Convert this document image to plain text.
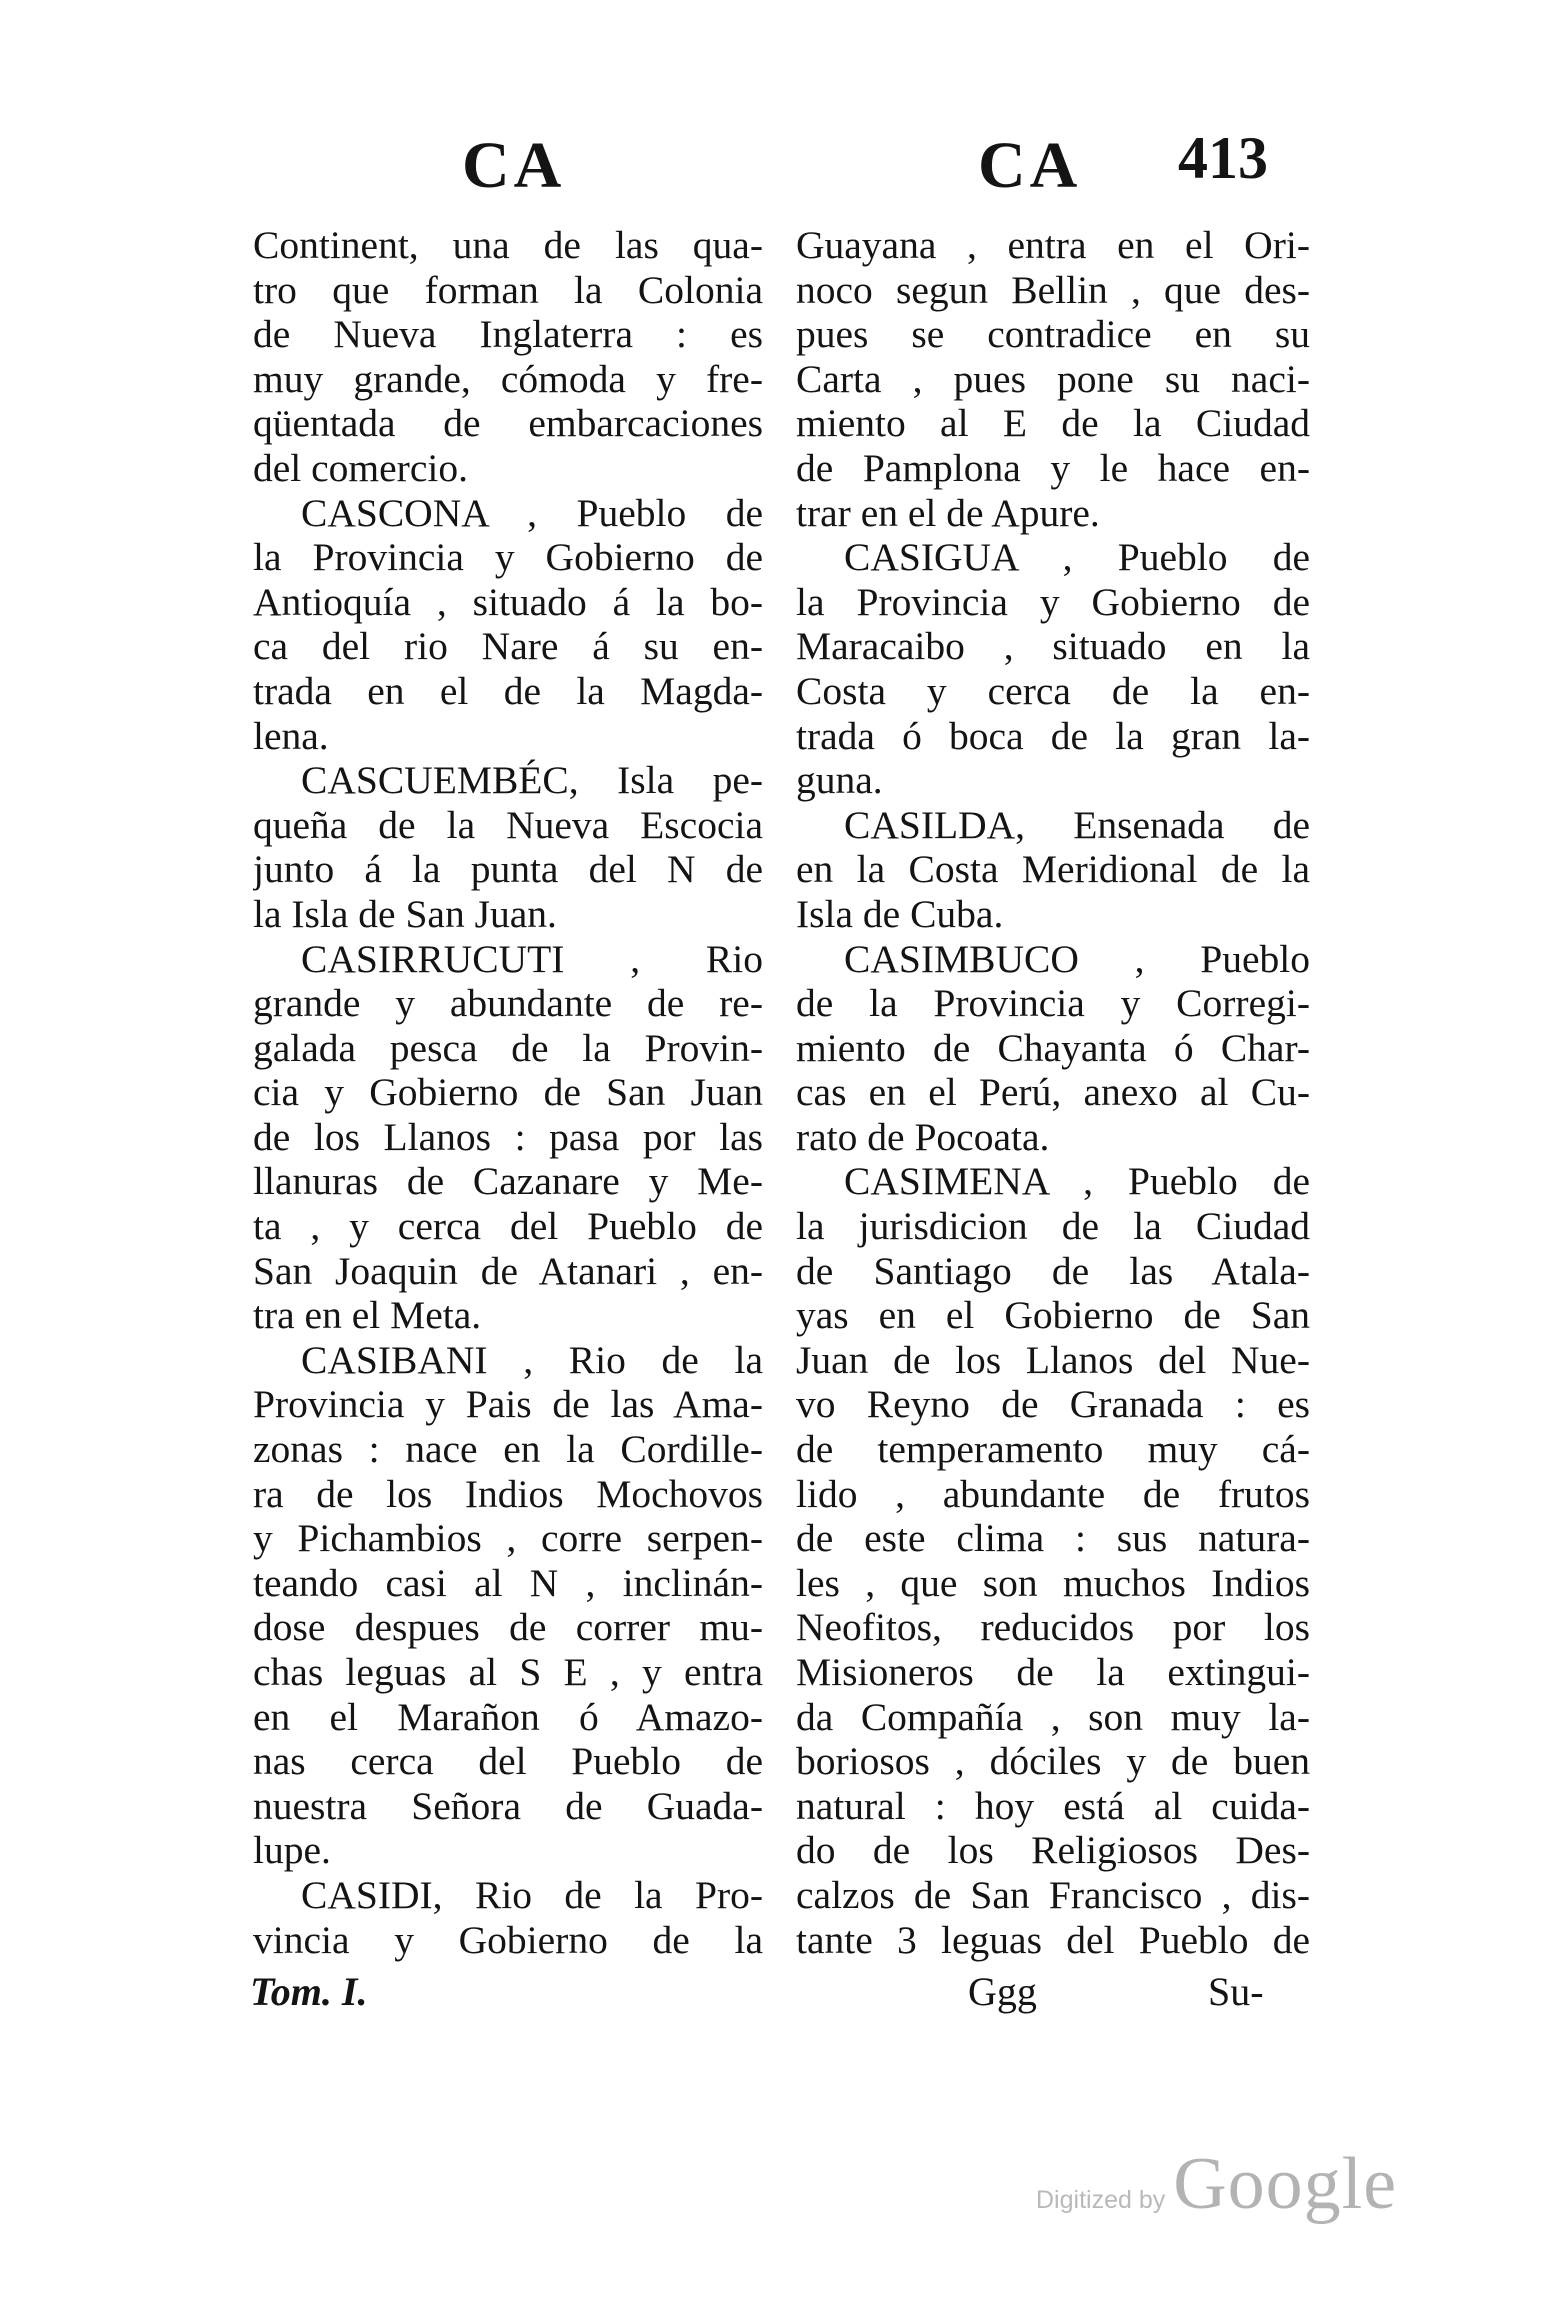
CA	CA 413
Continent, una de las qua-
tro que forman la Colonia
de Nueva Inglaterra : es
muy grande, cómoda y fre-
qüentada de embarcaciones
del comercio.
CASCONA , Pueblo de
la Provincia y Gobierno de
Antioquía , situado á la bo-
ca del rio Nare á su en-
trada en el de la Magda-
lena.
CASCUEMBÉC, Isla pe-
queña de la Nueva Escocia
junto á la punta del N de
la Isla de San Juan.
CASIRRUCUTI , Rio
grande y abundante de re-
galada pesca de la Provin-
cia y Gobierno de San Juan
de los Llanos : pasa por las
llanuras de Cazanare y Me-
ta , y cerca del Pueblo de
San Joaquin de Atanari , en-
tra en el Meta.
CASIBANI , Rio de la
Provincia y Pais de las Ama-
zonas : nace en la Cordille-
ra de los Indios Mochovos
y Pichambios , corre serpen-
teando casi al N , inclinán-
dose despues de correr mu-
chas leguas al S E , y entra
en el Marañon ó Amazo-
nas cerca del Pueblo de
nuestra Señora de Guada-
lupe.
CASIDI, Rio de la Pro-
vincia y Gobierno de la
Guayana , entra en el Ori-
noco segun Bellin , que des-
pues se contradice en su
Carta , pues pone su naci-
miento al E de la Ciudad
de Pamplona y le hace en-
trar en el de Apure.
CASIGUA , Pueblo de
la Provincia y Gobierno de
Maracaibo , situado en la
Costa y cerca de la en-
trada ó boca de la gran la-
guna.
CASILDA, Ensenada de
en la Costa Meridional de la
Isla de Cuba.
CASIMBUCO , Pueblo
de la Provincia y Corregi-
miento de Chayanta ó Char-
cas en el Perú, anexo al Cu-
rato de Pocoata.
CASIMENA , Pueblo de
la jurisdicion de la Ciudad
de Santiago de las Atala-
yas en el Gobierno de San
Juan de los Llanos del Nue-
vo Reyno de Granada : es
de temperamento muy cá-
lido , abundante de frutos
de este clima : sus natura-
les , que son muchos Indios
Neofitos, reducidos por los
Misioneros de la extingui-
da Compañía , son muy la-
boriosos , dóciles y de buen
natural : hoy está al cuida-
do de los Religiosos Des-
calzos de San Francisco , dis-
tante 3 leguas del Pueblo de
Tom. I.	Ggg	Su-
Digitized by Google
